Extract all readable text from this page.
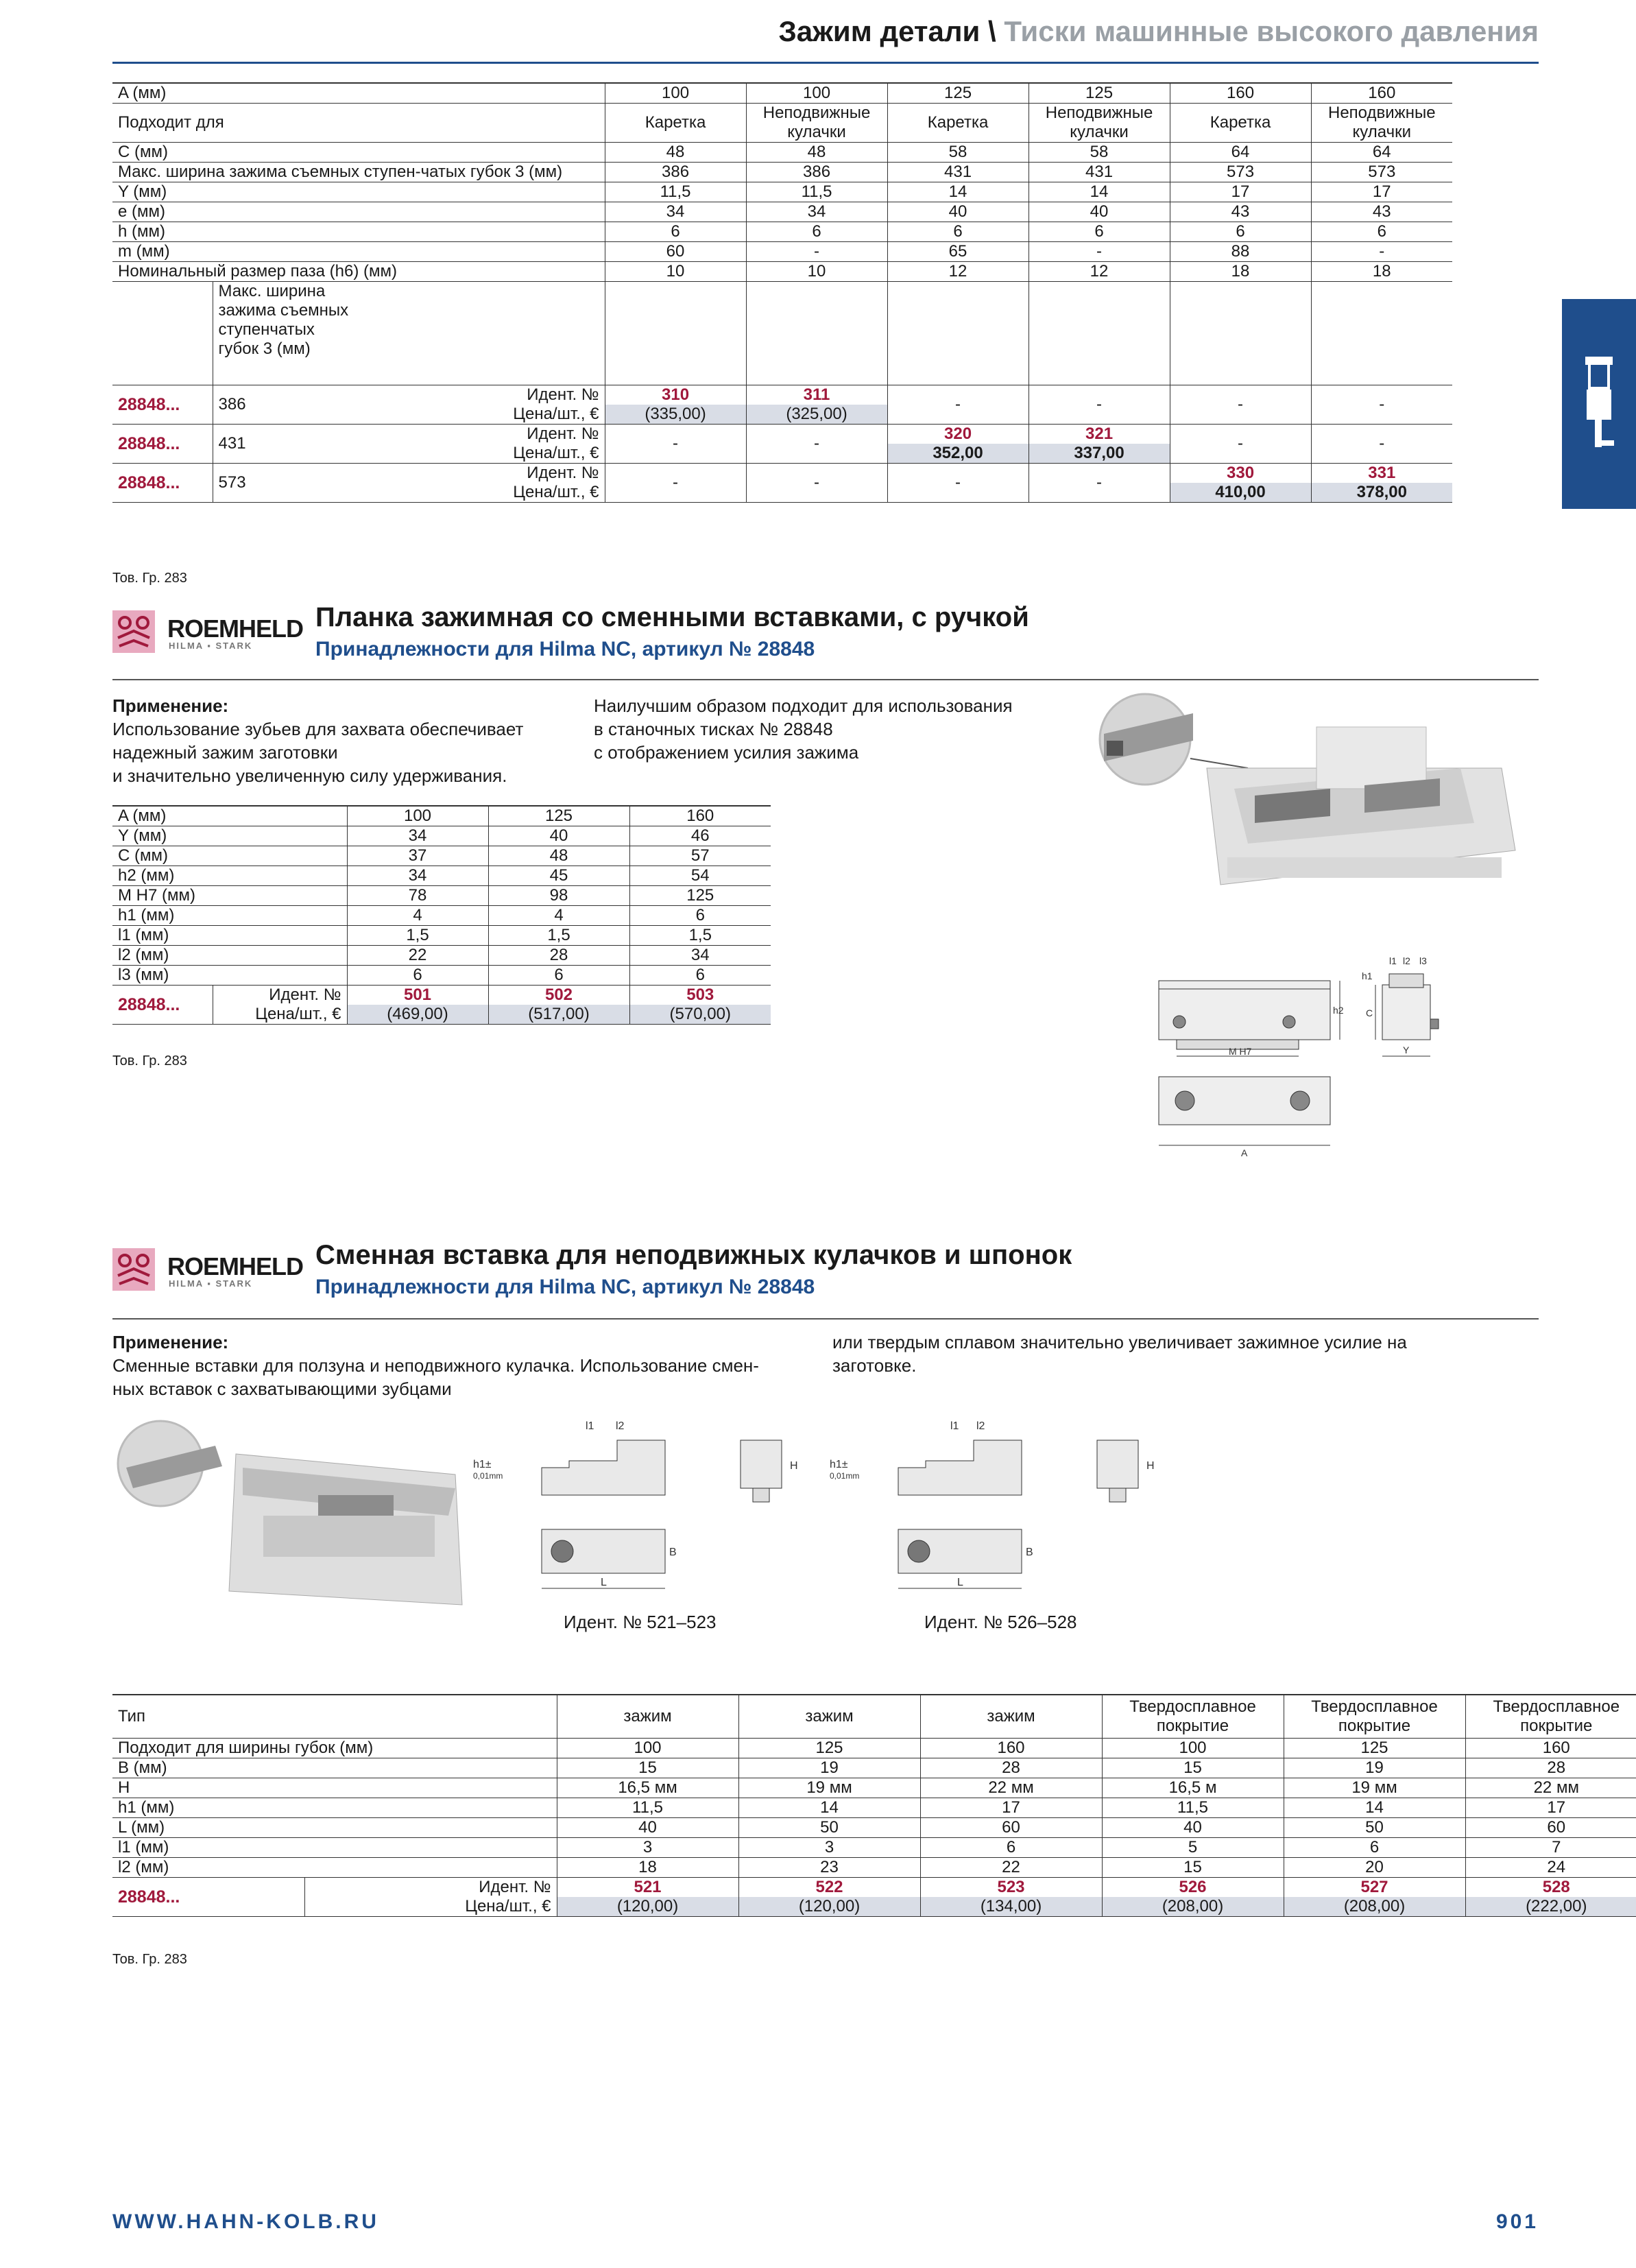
Зажим детали \ Тиски машинные высокого давления
A (мм)			100	100	125	125	160	160
Подходит для			Каретка	Неподвижные кулачки	Каретка	Неподвижные кулачки	Каретка	Неподвижные кулачки
C (мм)			48	48	58	58	64	64
Макс. ширина зажима съемных ступен-чатых губок 3 (мм)			386	386	431	431	573	573
Y (мм)			11,5	11,5	14	14	17	17
e (мм)			34	34	40	40	43	43
h (мм)			6	6	6	6	6	6
m (мм)			60	-	65	-	88	-
Номинальный размер паза (h6) (мм)			10	10	12	12	18	18
	Макс. ширина зажима съемных ступенчатых губок 3 (мм)							
28848...	386	Идент. №	310	311	-	-	-	-
		Цена/шт., €	(335,00)	(325,00)				
28848...	431	Идент. №	-	-	320	321	-	-
		Цена/шт., €			352,00	337,00		
28848...	573	Идент. №	-	-	-	-	330	331
		Цена/шт., €					410,00	378,00
Тов. Гр. 283
ROEMHELD
HILMA ▪ STARK
Планка зажимная со сменными вставками, с ручкой
Принадлежности для Hilma NC, артикул № 28848
Применение:
Использование зубьев для захвата обеспечивает
надежный зажим заготовки
и значительно увеличенную силу удерживания.
Наилучшим образом подходит для использования
в станочных тисках № 28848
с отображением усилия зажима
A (мм)		100	125	160
Y (мм)		34	40	46
C (мм)		37	48	57
h2 (мм)		34	45	54
M H7 (мм)		78	98	125
h1 (мм)		4	4	6
l1 (мм)		1,5	1,5	1,5
l2 (мм)		22	28	34
l3 (мм)		6	6	6
28848...	Идент. №	501	502	503
	Цена/шт., €	(469,00)	(517,00)	(570,00)
Тов. Гр. 283
M H7
h2 C
Y
l1 l2 l3
h1
A
ROEMHELD
HILMA ▪ STARK
Сменная вставка для неподвижных кулачков и шпонок
Принадлежности для Hilma NC, артикул № 28848
Применение:
Сменные вставки для ползуна и неподвижного кулачка. Использование смен-
ных вставок с захватывающими зубцами
или твердым сплавом значительно увеличивает зажимное усилие на
заготовке.
l1 l2
h1±
0,01mm
B
L
H
l1 l2
h1±
0,01mm
B
L
H
Идент. № 521–523	Идент. № 526–528
Тип		зажим	зажим	зажим	Твердосплавное покрытие	Твердосплавное покрытие	Твердосплавное покрытие
Подходит для ширины губок (мм)		100	125	160	100	125	160
B (мм)		15	19	28	15	19	28
H		16,5 мм	19 мм	22 мм	16,5 м	19 мм	22 мм
h1 (мм)		11,5	14	17	11,5	14	17
L (мм)		40	50	60	40	50	60
l1 (мм)		3	3	6	5	6	7
l2 (мм)		18	23	22	15	20	24
28848...	Идент. №	521	522	523	526	527	528
	Цена/шт., €	(120,00)	(120,00)	(134,00)	(208,00)	(208,00)	(222,00)
Тов. Гр. 283
WWW.HAHN-KOLB.RU	901
